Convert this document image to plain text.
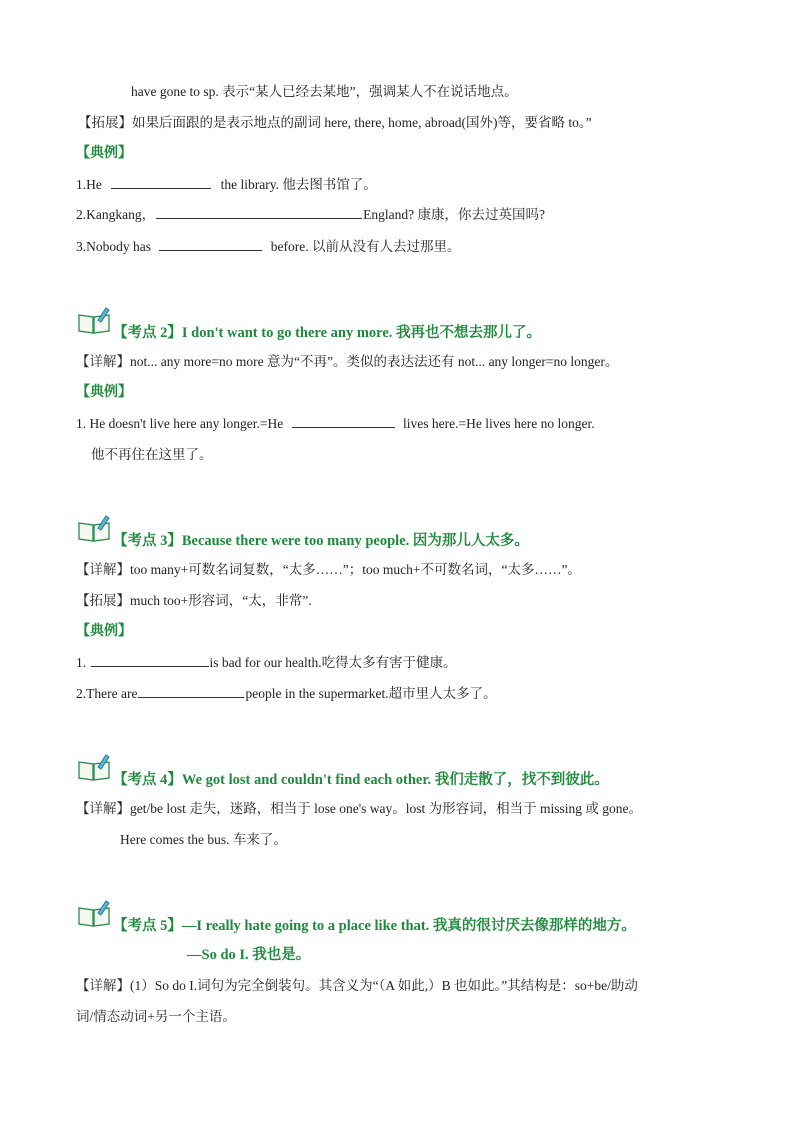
have gone to sp. 表示“某人已经去某地”，强调某人不在说话地点。
【拓展】如果后面跟的是表示地点的副词 here, there, home, abroad(国外)等，要省略 to。”
【典例】
1.He	the library. 他去图书馆了。
2.Kangkang，	England? 康康，你去过英国吗?
3.Nobody has	before. 以前从没有人去过那里。
【考点 2】I don't want to go there any more. 我再也不想去那儿了。
【详解】not... any more=no more 意为“不再”。类似的表达法还有 not... any longer=no longer。
【典例】
1. He doesn't live here any longer.=He	lives here.=He lives here no longer.
他不再住在这里了。
【考点 3】Because there were too many people. 因为那儿人太多。
【详解】too many+可数名词复数，“太多……”；too much+不可数名词，“太多……”。
【拓展】much too+形容词，“太，非常”.
【典例】
1.	is bad for our health.吃得太多有害于健康。
2.There are	people in the supermarket.超市里人太多了。
【考点 4】We got lost and couldn't find each other. 我们走散了，找不到彼此。
【详解】get/be lost 走失，迷路，相当于 lose one's way。lost 为形容词，相当于 missing 或 gone。
Here comes the bus. 车来了。
【考点 5】—I really hate going to a place like that. 我真的很讨厌去像那样的地方。
—So do I. 我也是。
【详解】(1）So do I.词句为完全倒装句。其含义为“（A 如此,）B 也如此。”其结构是：so+be/助动
词/情态动词+另一个主语。
